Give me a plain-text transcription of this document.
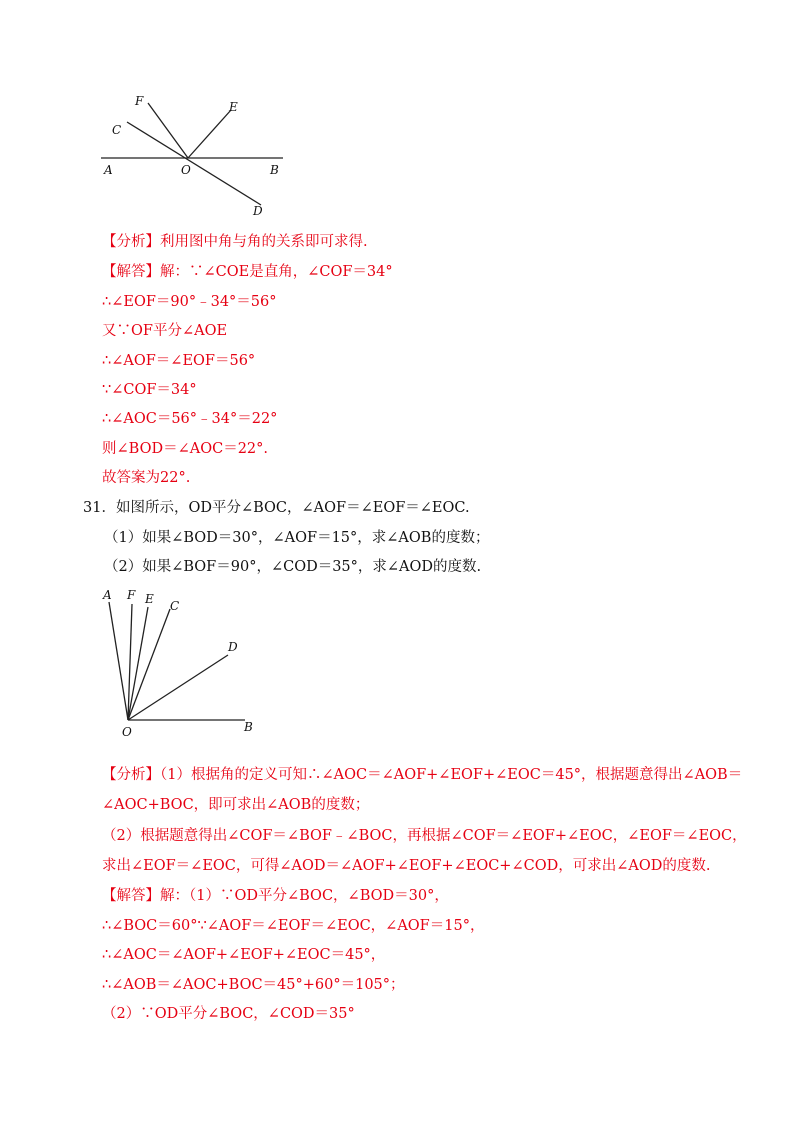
F	E
C
A	O	B
D
【分析】利用图中角与角的关系即可求得.
【解答】解：∵∠COE是直角，∠COF＝34°
∴∠EOF＝90°﹣34°＝56°
又∵OF平分∠AOE
∴∠AOF＝∠EOF＝56°
∵∠COF＝34°
∴∠AOC＝56°﹣34°＝22°
则∠BOD＝∠AOC＝22°.
故答案为22°.
31．如图所示，OD平分∠BOC，∠AOF＝∠EOF＝∠EOC.
（1）如果∠BOD＝30°，∠AOF＝15°，求∠AOB的度数；
（2）如果∠BOF＝90°，∠COD＝35°，求∠AOD的度数.
A F E C
D
O	B
【分析】（1）根据角的定义可知∴∠AOC＝∠AOF+∠EOF+∠EOC＝45°，根据题意得出∠AOB＝
∠AOC+BOC，即可求出∠AOB的度数；
（2）根据题意得出∠COF＝∠BOF﹣∠BOC，再根据∠COF＝∠EOF+∠EOC，∠EOF＝∠EOC，
求出∠EOF＝∠EOC，可得∠AOD＝∠AOF+∠EOF+∠EOC+∠COD，可求出∠AOD的度数.
【解答】解：（1）∵OD平分∠BOC，∠BOD＝30°，
∴∠BOC＝60°∵∠AOF＝∠EOF＝∠EOC，∠AOF＝15°，
∴∠AOC＝∠AOF+∠EOF+∠EOC＝45°，
∴∠AOB＝∠AOC+BOC＝45°+60°＝105°；
（2）∵OD平分∠BOC，∠COD＝35°
